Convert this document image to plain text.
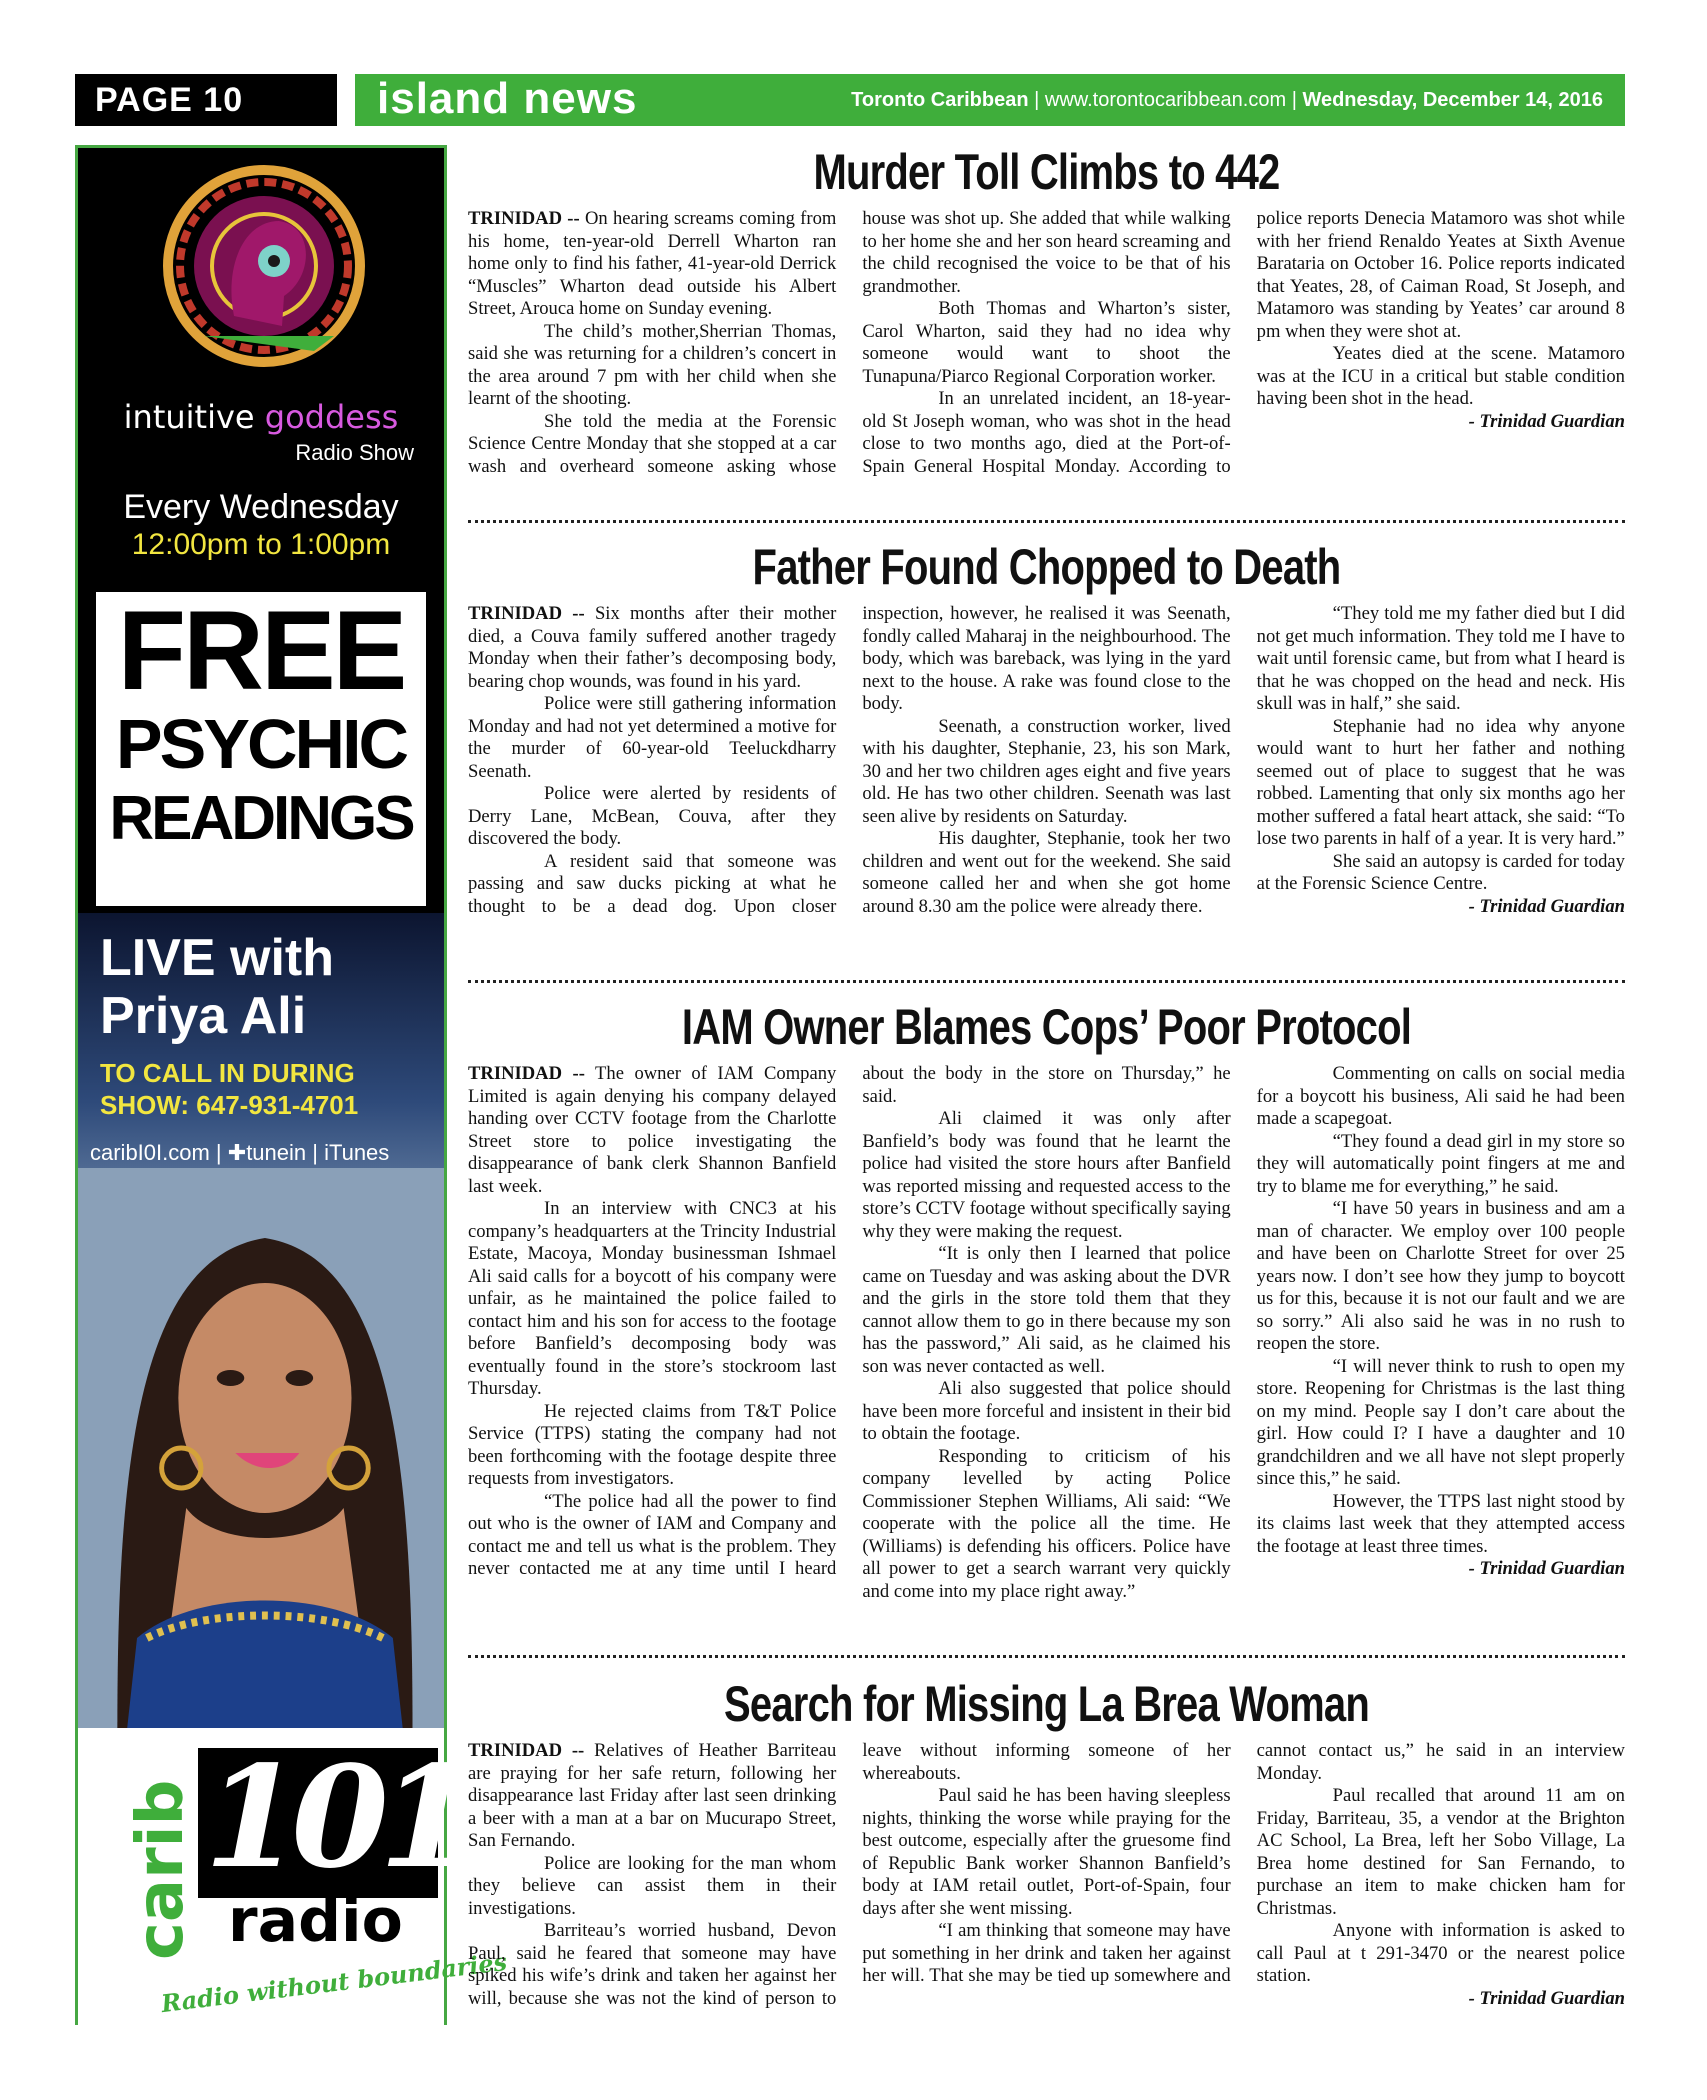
PAGE 10	island news	Toronto Caribbean | www.torontocaribbean.com | Wednesday, December 14, 2016
intuitive goddess
Radio Show
Every Wednesday
12:00pm to 1:00pm
FREE
PSYCHIC
READINGS
LIVE with
Priya Ali
TO CALL IN DURING
SHOW: 647-931-4701
caribI0I.com | ✚tunein | iTunes
carib 101
radio
Radio without boundaries
Murder Toll Climbs to 442

TRINIDAD -- On hearing screams coming from his home, ten-year-old Derrell Wharton ran home only to find his father, 41-year-old Derrick “Muscles” Wharton dead outside his Albert Street, Arouca home on Sunday evening.

The child’s mother,Sherrian Thomas, said she was returning for a children’s concert in the area around 7 pm with her child when she learnt of the shooting.

She told the media at the Forensic Science Centre Monday that she stopped at a car wash and overheard someone asking whose house was shot up. She added that while walking to her home she and her son heard screaming and the child recognised the voice to be that of his grandmother.

Both Thomas and Wharton’s sister, Carol Wharton, said they had no idea why someone would want to shoot the Tunapuna/Piarco Regional Corporation worker.

In an unrelated incident, an 18-year-old St Joseph woman, who was shot in the head close to two months ago, died at the Port-of-Spain General Hospital Monday. According to police reports Denecia Matamoro was shot while with her friend Renaldo Yeates at Sixth Avenue Barataria on October 16. Police reports indicated that Yeates, 28, of Caiman Road, St Joseph, and Matamoro was standing by Yeates’ car around 8 pm when they were shot at.

Yeates died at the scene. Matamoro was at the ICU in a critical but stable condition having been shot in the head.

- Trinidad Guardian

Father Found Chopped to Death

TRINIDAD -- Six months after their mother died, a Couva family suffered another tragedy Monday when their father’s decomposing body, bearing chop wounds, was found in his yard.

Police were still gathering information Monday and had not yet determined a motive for the murder of 60-year-old Teeluckdharry Seenath.

Police were alerted by residents of Derry Lane, McBean, Couva, after they discovered the body.

A resident said that someone was passing and saw ducks picking at what he thought to be a dead dog. Upon closer inspection, however, he realised it was Seenath, fondly called Maharaj in the neighbourhood. The body, which was bareback, was lying in the yard next to the house. A rake was found close to the body.

Seenath, a construction worker, lived with his daughter, Stephanie, 23, his son Mark, 30 and her two children ages eight and five years old. He has two other children. Seenath was last seen alive by residents on Saturday.

His daughter, Stephanie, took her two children and went out for the weekend. She said someone called her and when she got home around 8.30 am the police were already there.

“They told me my father died but I did not get much information. They told me I have to wait until forensic came, but from what I heard is that he was chopped on the head and neck. His skull was in half,” she said.

Stephanie had no idea why anyone would want to hurt her father and nothing seemed out of place to suggest that he was robbed. Lamenting that only six months ago her mother suffered a fatal heart attack, she said: “To lose two parents in half of a year. It is very hard.”

She said an autopsy is carded for today at the Forensic Science Centre.

- Trinidad Guardian

IAM Owner Blames Cops’ Poor Protocol

TRINIDAD -- The owner of IAM Company Limited is again denying his company delayed handing over CCTV footage from the Charlotte Street store to police investigating the disappearance of bank clerk Shannon Banfield last week.

In an interview with CNC3 at his company’s headquarters at the Trincity Industrial Estate, Macoya, Monday businessman Ishmael Ali said calls for a boycott of his company were unfair, as he maintained the police failed to contact him and his son for access to the footage before Banfield’s decomposing body was eventually found in the store’s stockroom last Thursday.

He rejected claims from T&T Police Service (TTPS) stating the company had not been forthcoming with the footage despite three requests from investigators.

“The police had all the power to find out who is the owner of IAM and Company and contact me and tell us what is the problem. They never contacted me at any time until I heard about the body in the store on Thursday,” he said.

Ali claimed it was only after Banfield’s body was found that he learnt the police had visited the store hours after Banfield was reported missing and requested access to the store’s CCTV footage without specifically saying why they were making the request.

“It is only then I learned that police came on Tuesday and was asking about the DVR and the girls in the store told them that they cannot allow them to go in there because my son has the password,” Ali said, as he claimed his son was never contacted as well.

Ali also suggested that police should have been more forceful and insistent in their bid to obtain the footage.

Responding to criticism of his company levelled by acting Police Commissioner Stephen Williams, Ali said: “We cooperate with the police all the time. He (Williams) is defending his officers. Police have all power to get a search warrant very quickly and come into my place right away.”

Commenting on calls on social media for a boycott his business, Ali said he had been made a scapegoat.

“They found a dead girl in my store so they will automatically point fingers at me and try to blame me for everything,” he said.

“I have 50 years in business and am a man of character. We employ over 100 people and have been on Charlotte Street for over 25 years now. I don’t see how they jump to boycott us for this, because it is not our fault and we are so sorry.” Ali also said he was in no rush to reopen the store.

“I will never think to rush to open my store. Reopening for Christmas is the last thing on my mind. People say I don’t care about the girl. How could I? I have a daughter and 10 grandchildren and we all have not slept properly since this,” he said.

However, the TTPS last night stood by its claims last week that they attempted access the footage at least three times.

- Trinidad Guardian

Search for Missing La Brea Woman

TRINIDAD -- Relatives of Heather Barriteau are praying for her safe return, following her disappearance last Friday after last seen drinking a beer with a man at a bar on Mucurapo Street, San Fernando.

Police are looking for the man whom they believe can assist them in their investigations.

Barriteau’s worried husband, Devon Paul, said he feared that someone may have spiked his wife’s drink and taken her against her will, because she was not the kind of person to leave without informing someone of her whereabouts.

Paul said he has been having sleepless nights, thinking the worse while praying for the best outcome, especially after the gruesome find of Republic Bank worker Shannon Banfield’s body at IAM retail outlet, Port-of-Spain, four days after she went missing.

“I am thinking that someone may have put something in her drink and taken her against her will. That she may be tied up somewhere and cannot contact us,” he said in an interview Monday.

Paul recalled that around 11 am on Friday, Barriteau, 35, a vendor at the Brighton AC School, La Brea, left her Sobo Village, La Brea home destined for San Fernando, to purchase an item to make chicken ham for Christmas.

Anyone with information is asked to call Paul at t 291-3470 or the nearest police station.

- Trinidad Guardian
